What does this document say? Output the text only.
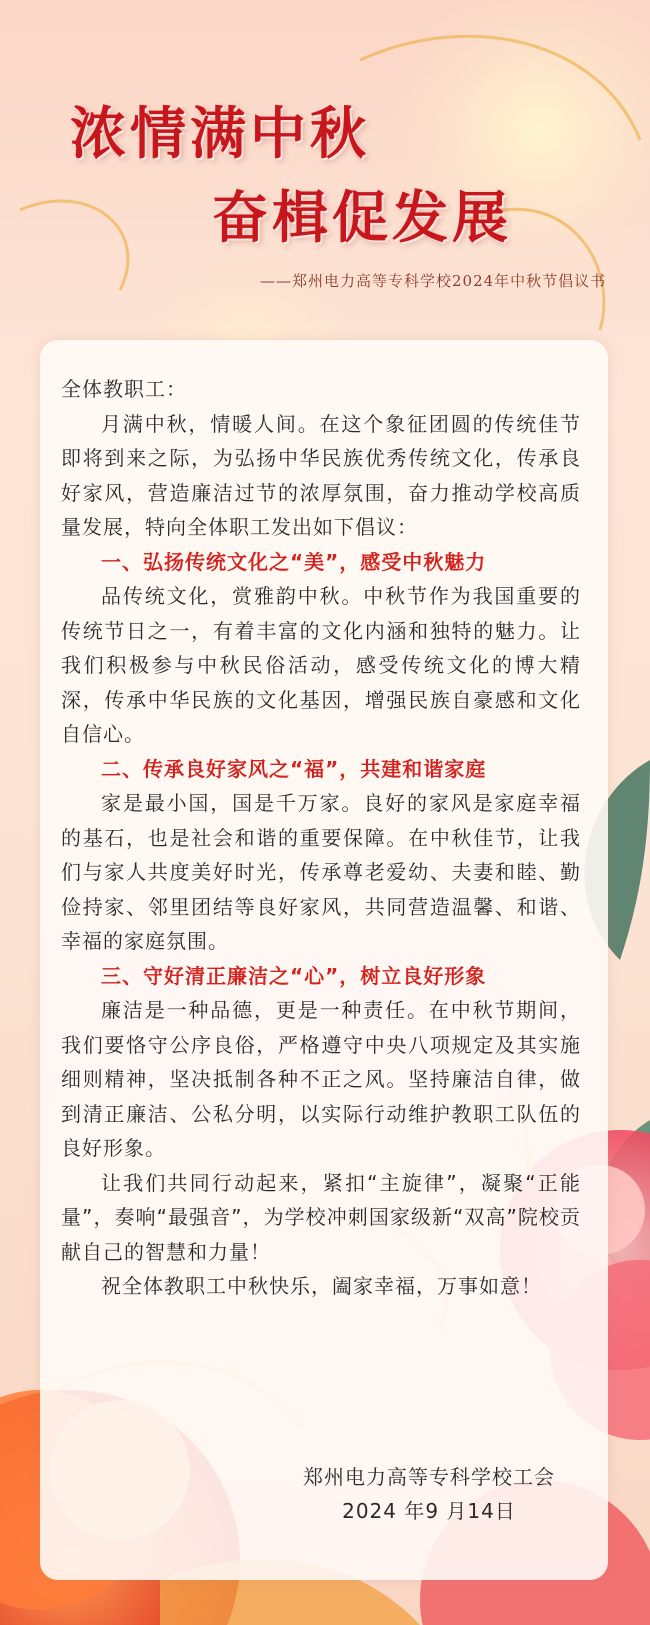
浓情满中秋
奋楫促发展
——郑州电力高等专科学校2024年中秋节倡议书

全体教职工：

月满中秋，情暖人间。在这个象征团圆的传统佳节即将到来之际，为弘扬中华民族优秀传统文化，传承良好家风，营造廉洁过节的浓厚氛围，奋力推动学校高质量发展，特向全体职工发出如下倡议：

一、弘扬传统文化之“美”，感受中秋魅力

品传统文化，赏雅韵中秋。中秋节作为我国重要的传统节日之一，有着丰富的文化内涵和独特的魅力。让我们积极参与中秋民俗活动，感受传统文化的博大精深，传承中华民族的文化基因，增强民族自豪感和文化自信心。

二、传承良好家风之“福”，共建和谐家庭

家是最小国，国是千万家。良好的家风是家庭幸福的基石，也是社会和谐的重要保障。在中秋佳节，让我们与家人共度美好时光，传承尊老爱幼、夫妻和睦、勤俭持家、邻里团结等良好家风，共同营造温馨、和谐、幸福的家庭氛围。

三、守好清正廉洁之“心”，树立良好形象

廉洁是一种品德，更是一种责任。在中秋节期间，我们要恪守公序良俗，严格遵守中央八项规定及其实施细则精神，坚决抵制各种不正之风。坚持廉洁自律，做到清正廉洁、公私分明，以实际行动维护教职工队伍的良好形象。

让我们共同行动起来，紧扣“主旋律”，凝聚“正能量”，奏响“最强音”，为学校冲刺国家级新“双高”院校贡献自己的智慧和力量！

祝全体教职工中秋快乐，阖家幸福，万事如意！

郑州电力高等专科学校工会
2024 年9 月14日
